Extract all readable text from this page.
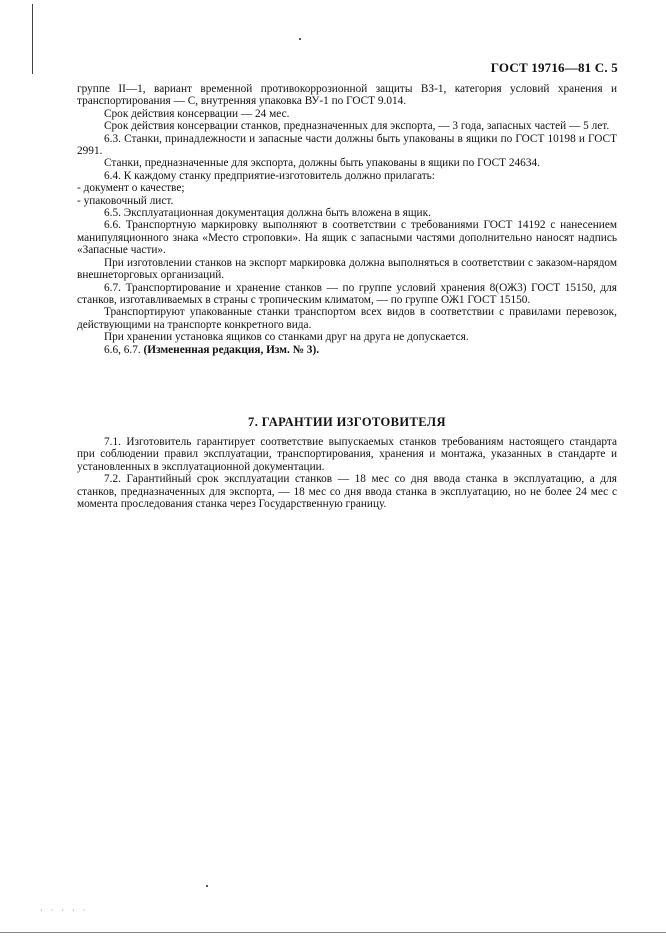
ГОСТ 19716—81 С. 5

группе II—1, вариант временной противокоррозионной защиты ВЗ-1, категория условий хранения и транспортирования — С, внутренняя упаковка ВУ-1 по ГОСТ 9.014.

Срок действия консервации — 24 мес.

Срок действия консервации станков, предназначенных для экспорта, — 3 года, запасных частей — 5 лет.

6.3. Станки, принадлежности и запасные части должны быть упакованы в ящики по ГОСТ 10198 и ГОСТ 2991.

Станки, предназначенные для экспорта, должны быть упакованы в ящики по ГОСТ 24634.

6.4. К каждому станку предприятие-изготовитель должно прилагать:

- документ о качестве;

- упаковочный лист.

6.5. Эксплуатационная документация должна быть вложена в ящик.

6.6. Транспортную маркировку выполняют в соответствии с требованиями ГОСТ 14192 с нанесением манипуляционного знака «Место строповки». На ящик с запасными частями дополнительно наносят надпись «Запасные части».

При изготовлении станков на экспорт маркировка должна выполняться в соответствии с заказом-нарядом внешнеторговых организаций.

6.7. Транспортирование и хранение станков — по группе условий хранения 8(ОЖ3) ГОСТ 15150, для станков, изготавливаемых в страны с тропическим климатом, — по группе ОЖ1 ГОСТ 15150.

Транспортируют упакованные станки транспортом всех видов в соответствии с правилами перевозок, действующими на транспорте конкретного вида.

При хранении установка ящиков со станками друг на друга не допускается.

6.6, 6.7. (Измененная редакция, Изм. № 3).

7. ГАРАНТИИ ИЗГОТОВИТЕЛЯ

7.1. Изготовитель гарантирует соответствие выпускаемых станков требованиям настоящего стандарта при соблюдении правил эксплуатации, транспортирования, хранения и монтажа, указанных в стандарте и установленных в эксплуатационной документации.

7.2. Гарантийный срок эксплуатации станков — 18 мес со дня ввода станка в эксплуатацию, а для станков, предназначенных для экспорта, — 18 мес со дня ввода станка в эксплуатацию, но не более 24 мес с момента проследования станка через Государственную границу.

· · · · ·
